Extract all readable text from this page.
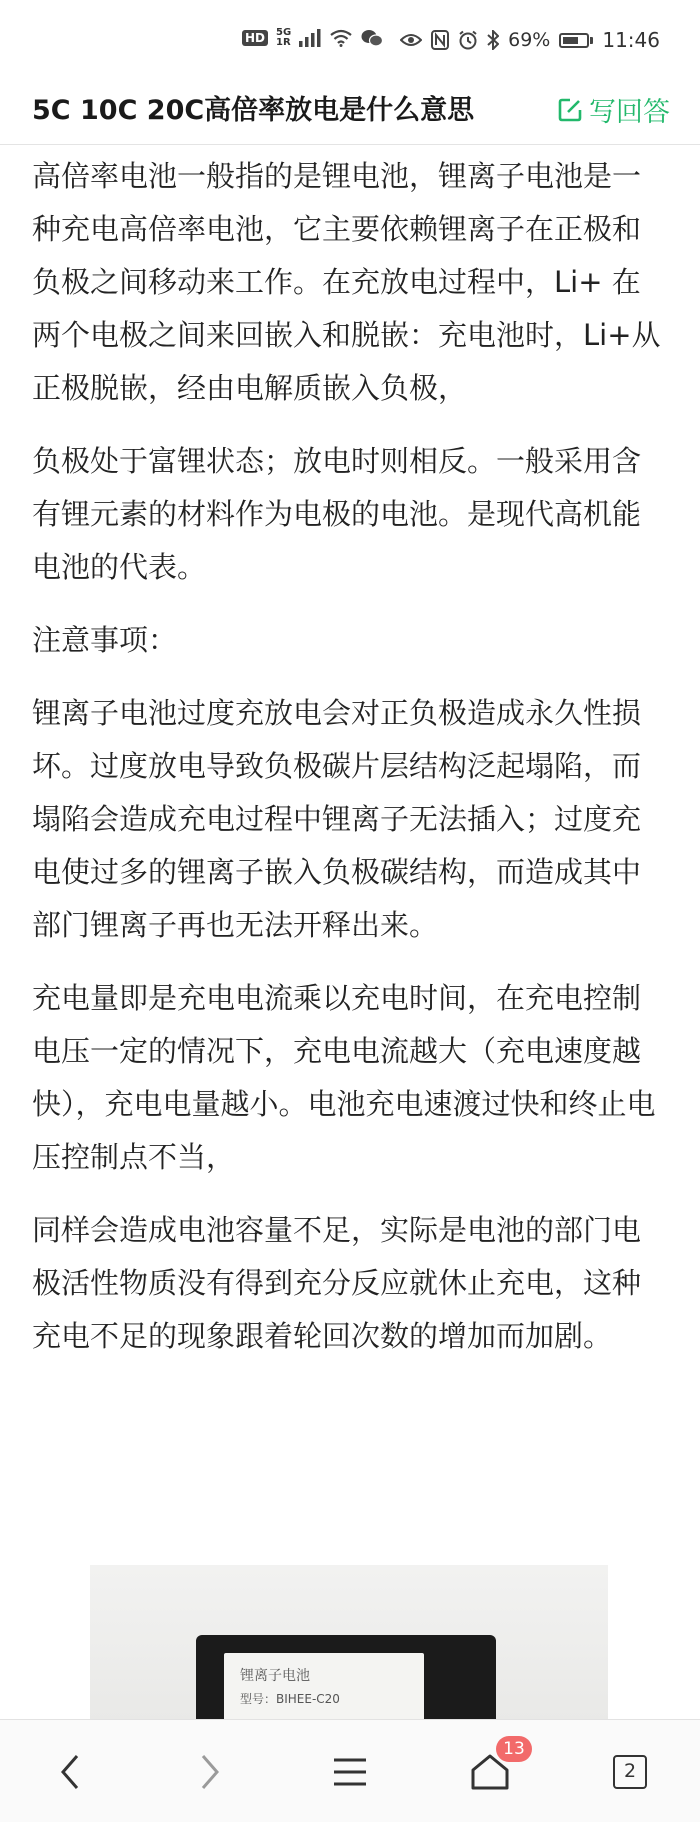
HD	5G
1R	69%	11:46
5C 10C 20C高倍率放电是什么意思	写回答

高倍率电池一般指的是锂电池，锂离子电池是一种充电高倍率电池，它主要依赖锂离子在正极和负极之间移动来工作。在充放电过程中，Li+ 在两个电极之间来回嵌入和脱嵌：充电池时，Li+从正极脱嵌，经由电解质嵌入负极，

负极处于富锂状态；放电时则相反。一般采用含有锂元素的材料作为电极的电池。是现代高机能电池的代表。

注意事项：

锂离子电池过度充放电会对正负极造成永久性损坏。过度放电导致负极碳片层结构泛起塌陷，而塌陷会造成充电过程中锂离子无法插入；过度充电使过多的锂离子嵌入负极碳结构，而造成其中部门锂离子再也无法开释出来。

充电量即是充电电流乘以充电时间，在充电控制电压一定的情况下，充电电流越大（充电速度越快），充电电量越小。电池充电速渡过快和终止电压控制点不当，

同样会造成电池容量不足，实际是电池的部门电极活性物质没有得到充分反应就休止充电，这种充电不足的现象跟着轮回次数的增加而加剧。

锂离子电池
型号：BIHEE-C20
13
2
